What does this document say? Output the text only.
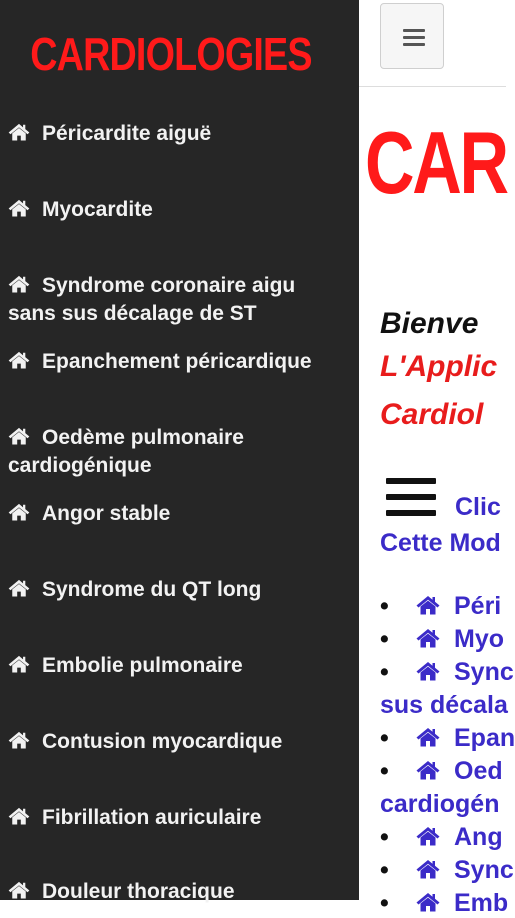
CARDIOLOGIES
Péricardite aiguë
Myocardite
Syndrome coronaire aigu
sans sus décalage de ST
Epanchement péricardique
Oedème pulmonaire
cardiogénique
Angor stable
Syndrome du QT long
Embolie pulmonaire
Contusion myocardique
Fibrillation auriculaire
Douleur thoracique
CAR
Bienve
L'Applic
Cardiol
Clic
Cette Mod
•	Péri
•	Myo
•	Sync
sus décala
•	Epan
•	Oed
cardiogén
•	Ang
•	Sync
•	Emb
